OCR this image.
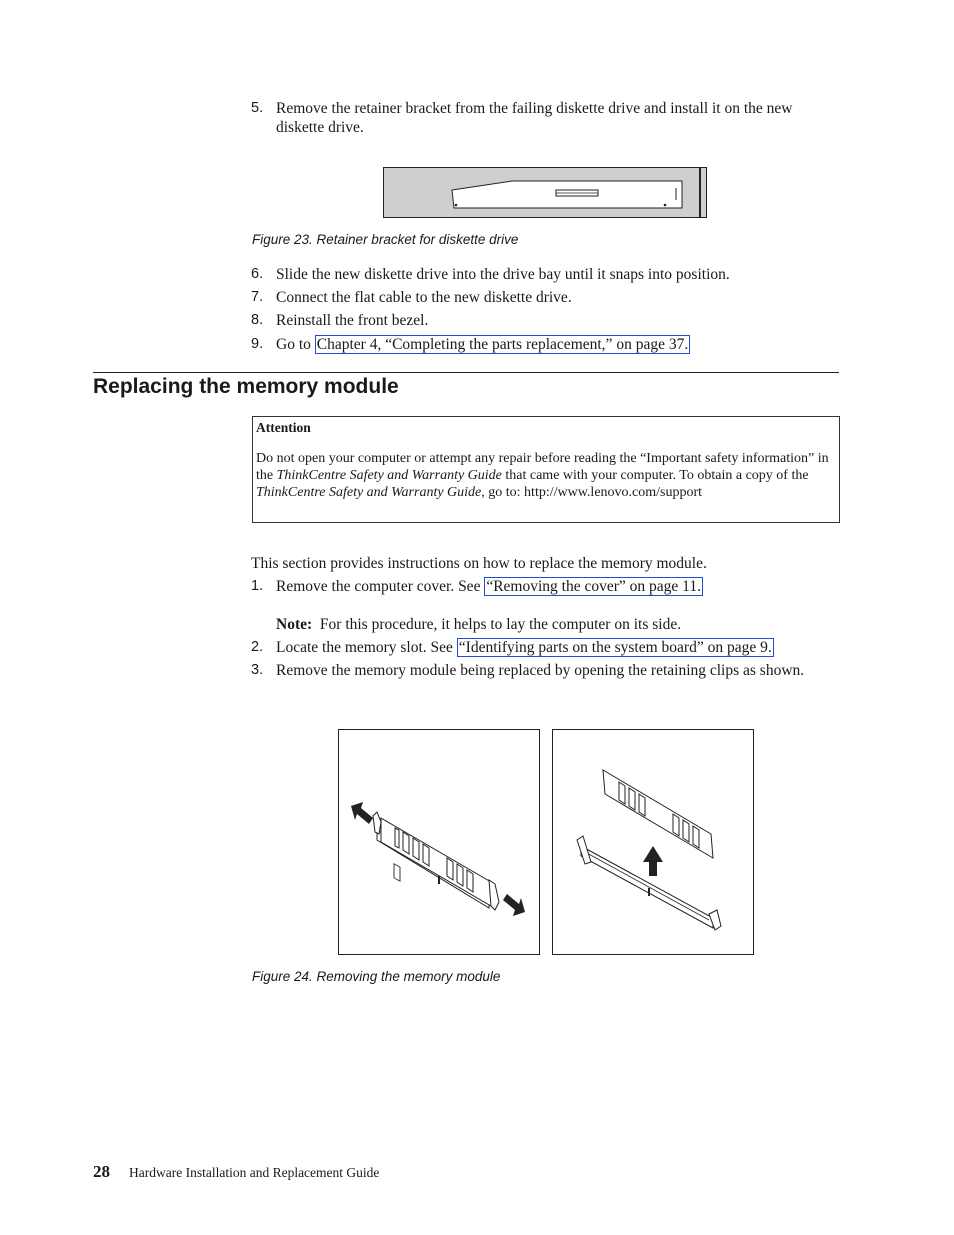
5. Remove the retainer bracket from the failing diskette drive and install it on the new diskette drive.
Figure 23. Retainer bracket for diskette drive
6. Slide the new diskette drive into the drive bay until it snaps into position.
7. Connect the flat cable to the new diskette drive.
8. Reinstall the front bezel.
9. Go to Chapter 4, “Completing the parts replacement,” on page 37.
Replacing the memory module
Attention
Do not open your computer or attempt any repair before reading the “Important safety information” in the ThinkCentre Safety and Warranty Guide that came with your computer. To obtain a copy of the ThinkCentre Safety and Warranty Guide, go to: http://www.lenovo.com/support
This section provides instructions on how to replace the memory module.
1. Remove the computer cover. See “Removing the cover” on page 11.
Note: For this procedure, it helps to lay the computer on its side.
2. Locate the memory slot. See “Identifying parts on the system board” on page 9.
3. Remove the memory module being replaced by opening the retaining clips as shown.
Figure 24. Removing the memory module
28 Hardware Installation and Replacement Guide
